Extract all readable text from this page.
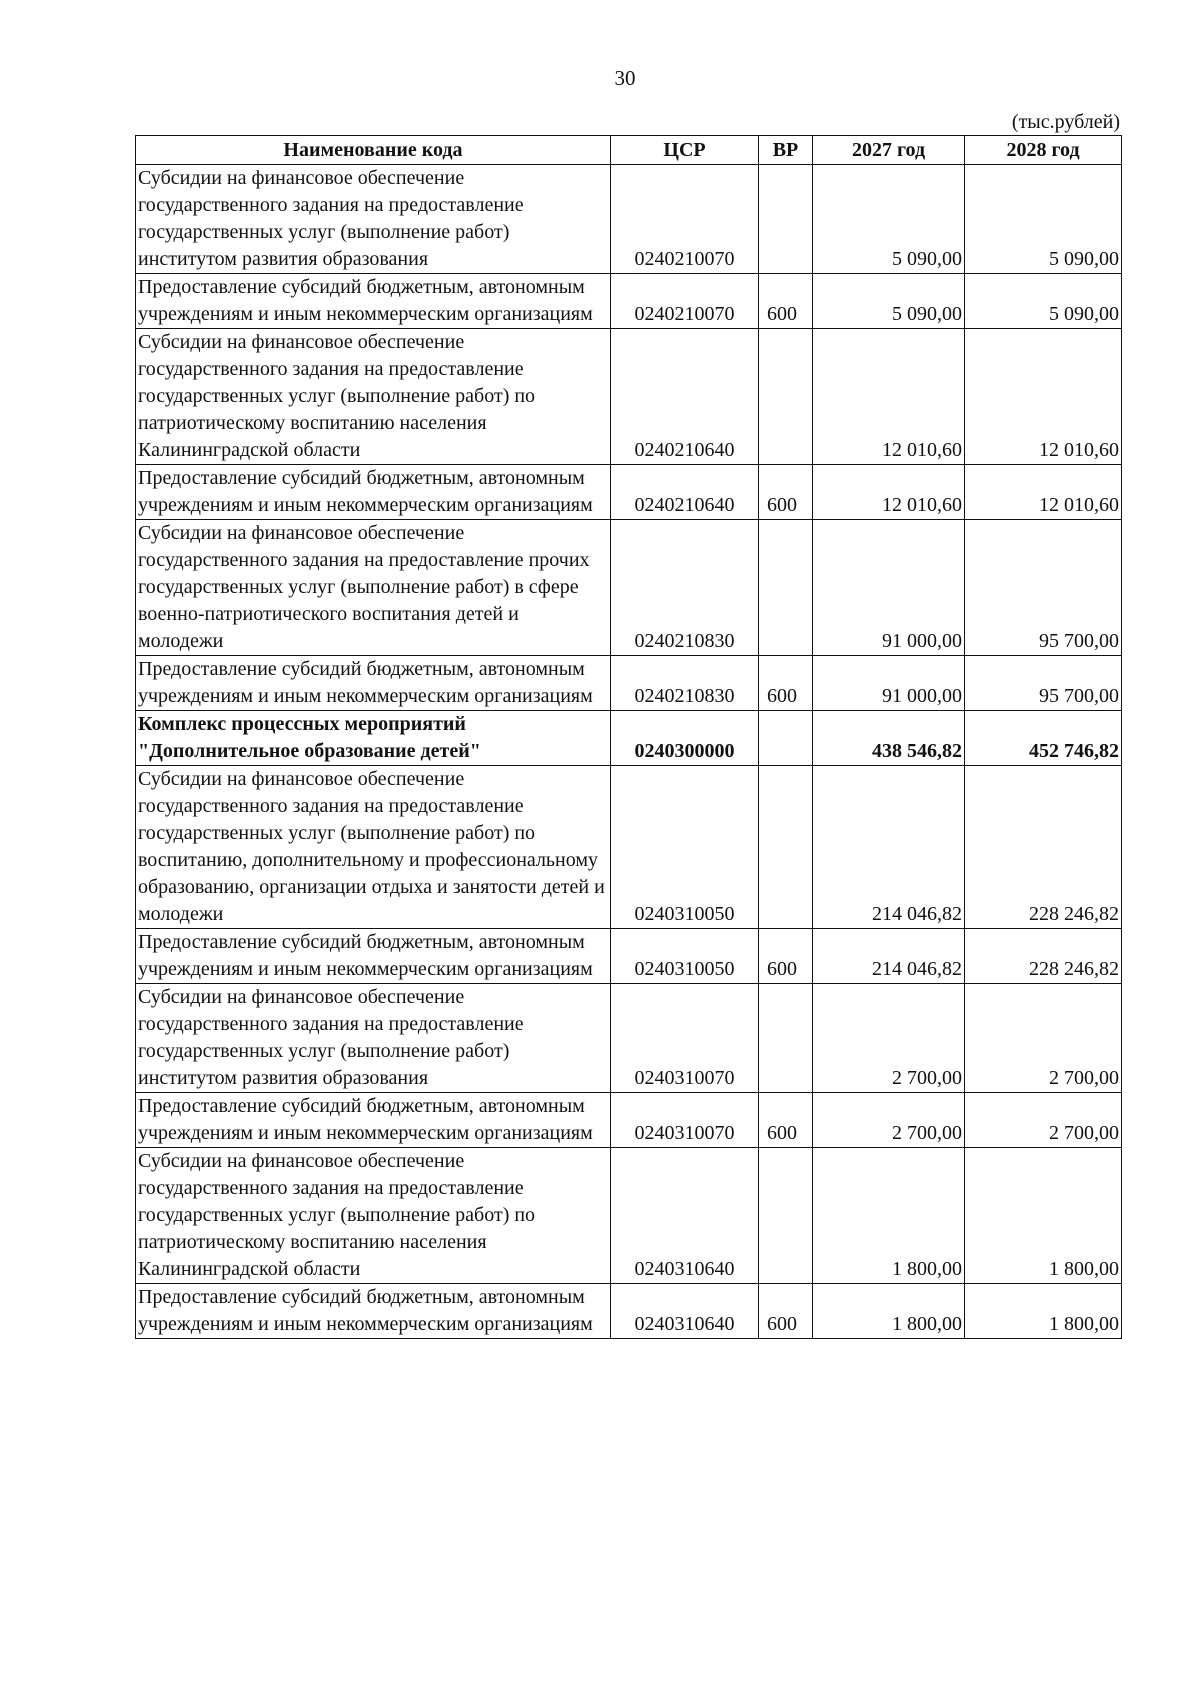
30
(тыс.рублей)
Наименование кода	ЦСР	ВР	2027 год	2028 год
Субсидии на финансовое обеспечение государственного задания на предоставление государственных услуг (выполнение работ) институтом развития образования	0240210070		5 090,00	5 090,00
Предоставление субсидий бюджетным, автономным учреждениям и иным некоммерческим организациям	0240210070	600	5 090,00	5 090,00
Субсидии на финансовое обеспечение государственного задания на предоставление государственных услуг (выполнение работ) по патриотическому воспитанию населения Калининградской области	0240210640		12 010,60	12 010,60
Предоставление субсидий бюджетным, автономным учреждениям и иным некоммерческим организациям	0240210640	600	12 010,60	12 010,60
Субсидии на финансовое обеспечение государственного задания на предоставление прочих государственных услуг (выполнение работ) в сфере военно-патриотического воспитания детей и молодежи	0240210830		91 000,00	95 700,00
Предоставление субсидий бюджетным, автономным учреждениям и иным некоммерческим организациям	0240210830	600	91 000,00	95 700,00
Комплекс процессных мероприятий "Дополнительное образование детей"	0240300000		438 546,82	452 746,82
Субсидии на финансовое обеспечение государственного задания на предоставление государственных услуг (выполнение работ) по воспитанию, дополнительному и профессиональному образованию, организации отдыха и занятости детей и молодежи	0240310050		214 046,82	228 246,82
Предоставление субсидий бюджетным, автономным учреждениям и иным некоммерческим организациям	0240310050	600	214 046,82	228 246,82
Субсидии на финансовое обеспечение государственного задания на предоставление государственных услуг (выполнение работ) институтом развития образования	0240310070		2 700,00	2 700,00
Предоставление субсидий бюджетным, автономным учреждениям и иным некоммерческим организациям	0240310070	600	2 700,00	2 700,00
Субсидии на финансовое обеспечение государственного задания на предоставление государственных услуг (выполнение работ) по патриотическому воспитанию населения Калининградской области	0240310640		1 800,00	1 800,00
Предоставление субсидий бюджетным, автономным учреждениям и иным некоммерческим организациям	0240310640	600	1 800,00	1 800,00
